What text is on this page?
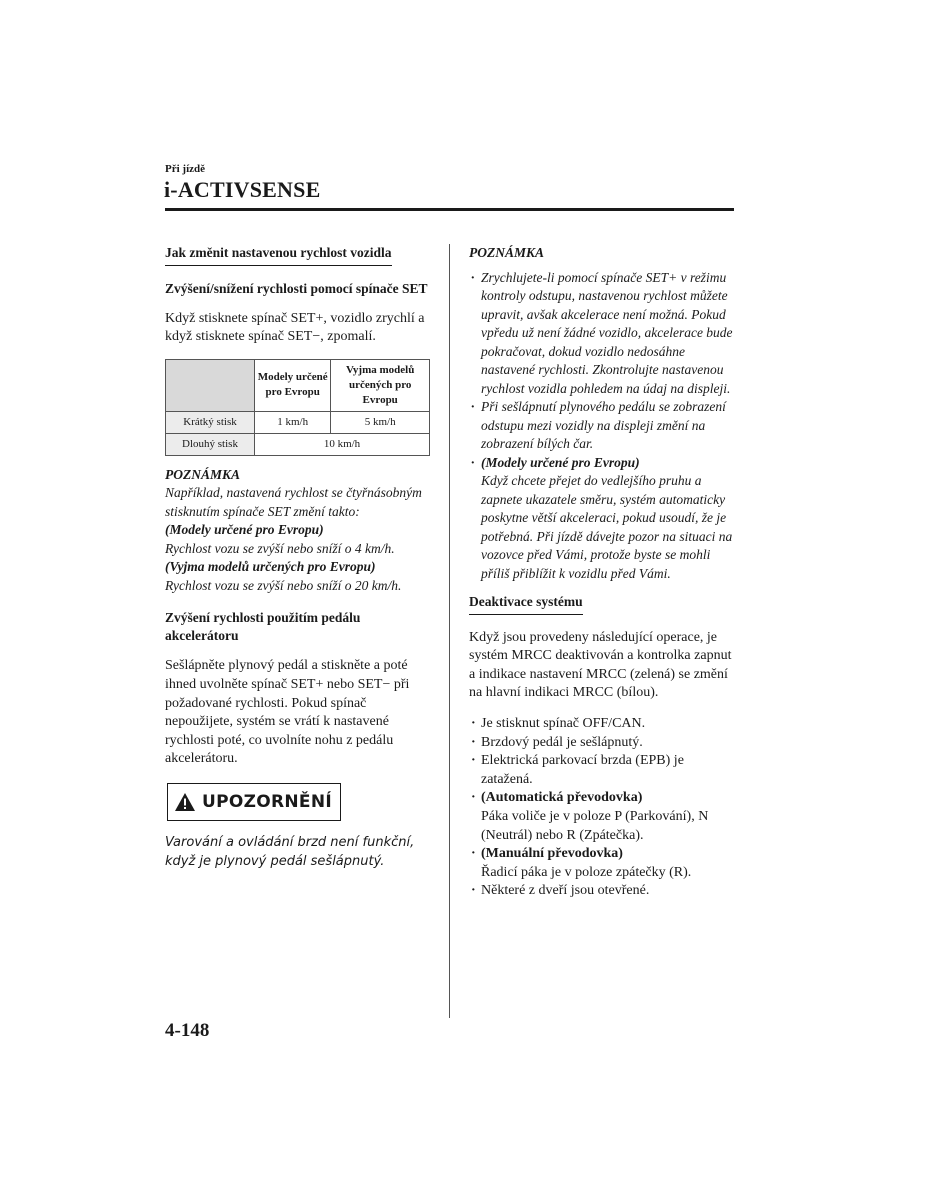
Při jízdě
i-ACTIVSENSE
Jak změnit nastavenou rychlost vozidla
Zvýšení/snížení rychlosti pomocí spínače SET

Když stisknete spínač SET+, vozidlo zrychlí a když stisknete spínač SET−, zpomalí.

	Modely určené pro Evropu	Vyjma modelů určených pro Evropu
Krátký stisk	1 km/h	5 km/h
Dlouhý stisk	10 km/h	
POZNÁMKA
Například, nastavená rychlost se čtyřnásobným stisknutím spínače SET změní takto:
(Modely určené pro Evropu)
Rychlost vozu se zvýší nebo sníží o 4 km/h.
(Vyjma modelů určených pro Evropu)
Rychlost vozu se zvýší nebo sníží o 20 km/h.
Zvýšení rychlosti použitím pedálu akcelerátoru

Sešlápněte plynový pedál a stiskněte a poté ihned uvolněte spínač SET+ nebo SET− při požadované rychlosti. Pokud spínač nepoužijete, systém se vrátí k nastavené rychlosti poté, co uvolníte nohu z pedálu akcelerátoru.

UPOZORNĚNÍ
Varování a ovládání brzd není funkční, když je plynový pedál sešlápnutý.
POZNÁMKA
· Zrychlujete-li pomocí spínače SET+ v režimu kontroly odstupu, nastavenou rychlost můžete upravit, avšak akcelerace není možná. Pokud vpředu už není žádné vozidlo, akcelerace bude pokračovat, dokud vozidlo nedosáhne nastavené rychlosti. Zkontrolujte nastavenou rychlost vozidla pohledem na údaj na displeji.
· Při sešlápnutí plynového pedálu se zobrazení odstupu mezi vozidly na displeji změní na zobrazení bílých čar.
· (Modely určené pro Evropu)
Když chcete přejet do vedlejšího pruhu a zapnete ukazatele směru, systém automaticky poskytne větší akceleraci, pokud usoudí, že je potřebná. Při jízdě dávejte pozor na situaci na vozovce před Vámi, protože byste se mohli příliš přiblížit k vozidlu před Vámi.
Deaktivace systému

Když jsou provedeny následující operace, je systém MRCC deaktivován a kontrolka zapnut a indikace nastavení MRCC (zelená) se změní na hlavní indikaci MRCC (bílou).

· Je stisknut spínač OFF/CAN.
· Brzdový pedál je sešlápnutý.
· Elektrická parkovací brzda (EPB) je zatažená.
· (Automatická převodovka)
Páka voliče je v poloze P (Parkování), N (Neutrál) nebo R (Zpátečka).
· (Manuální převodovka)
Řadicí páka je v poloze zpátečky (R).
· Některé z dveří jsou otevřené.
4-148
